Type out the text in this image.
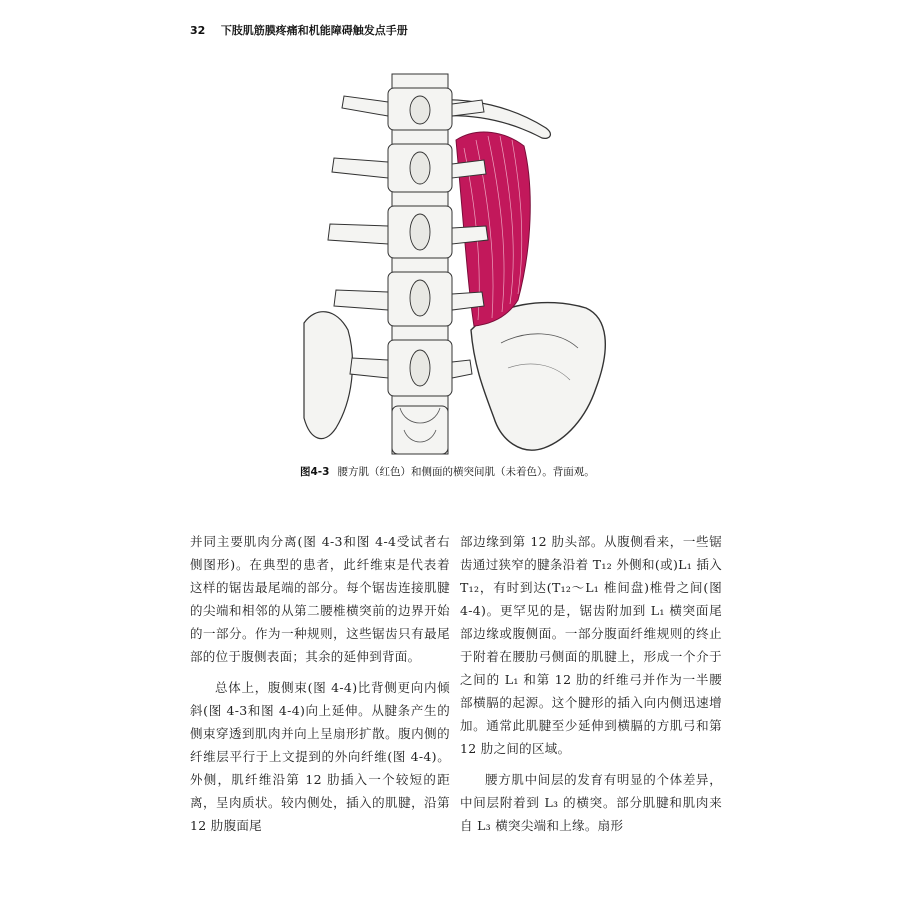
32 下肢肌筋膜疼痛和机能障碍触发点手册
图4-3 腰方肌（红色）和侧面的横突间肌（未着色）。背面观。

并同主要肌肉分离(图 4-3和图 4-4受试者右侧图形)。在典型的患者，此纤维束是代表着这样的锯齿最尾端的部分。每个锯齿连接肌腱的尖端和相邻的从第二腰椎横突前的边界开始的一部分。作为一种规则，这些锯齿只有最尾部的位于腹侧表面；其余的延伸到背面。

总体上，腹侧束(图 4-4)比背侧更向内倾斜(图 4-3和图 4-4)向上延伸。从腱条产生的侧束穿透到肌肉并向上呈扇形扩散。腹内侧的纤维层平行于上文提到的外向纤维(图 4-4)。外侧，肌纤维沿第 12 肋插入一个较短的距离，呈肉质状。较内侧处，插入的肌腱，沿第 12 肋腹面尾

部边缘到第 12 肋头部。从腹侧看来，一些锯齿通过狭窄的腱条沿着 T₁₂ 外侧和(或)L₁ 插入 T₁₂，有时到达(T₁₂～L₁ 椎间盘)椎骨之间(图 4-4)。更罕见的是，锯齿附加到 L₁ 横突面尾部边缘或腹侧面。一部分腹面纤维规则的终止于附着在腰肋弓侧面的肌腱上，形成一个介于之间的 L₁ 和第 12 肋的纤维弓并作为一半腰部横膈的起源。这个腱形的插入向内侧迅速增加。通常此肌腱至少延伸到横膈的方肌弓和第 12 肋之间的区域。

腰方肌中间层的发育有明显的个体差异，中间层附着到 L₃ 的横突。部分肌腱和肌肉来自 L₃ 横突尖端和上缘。扇形
